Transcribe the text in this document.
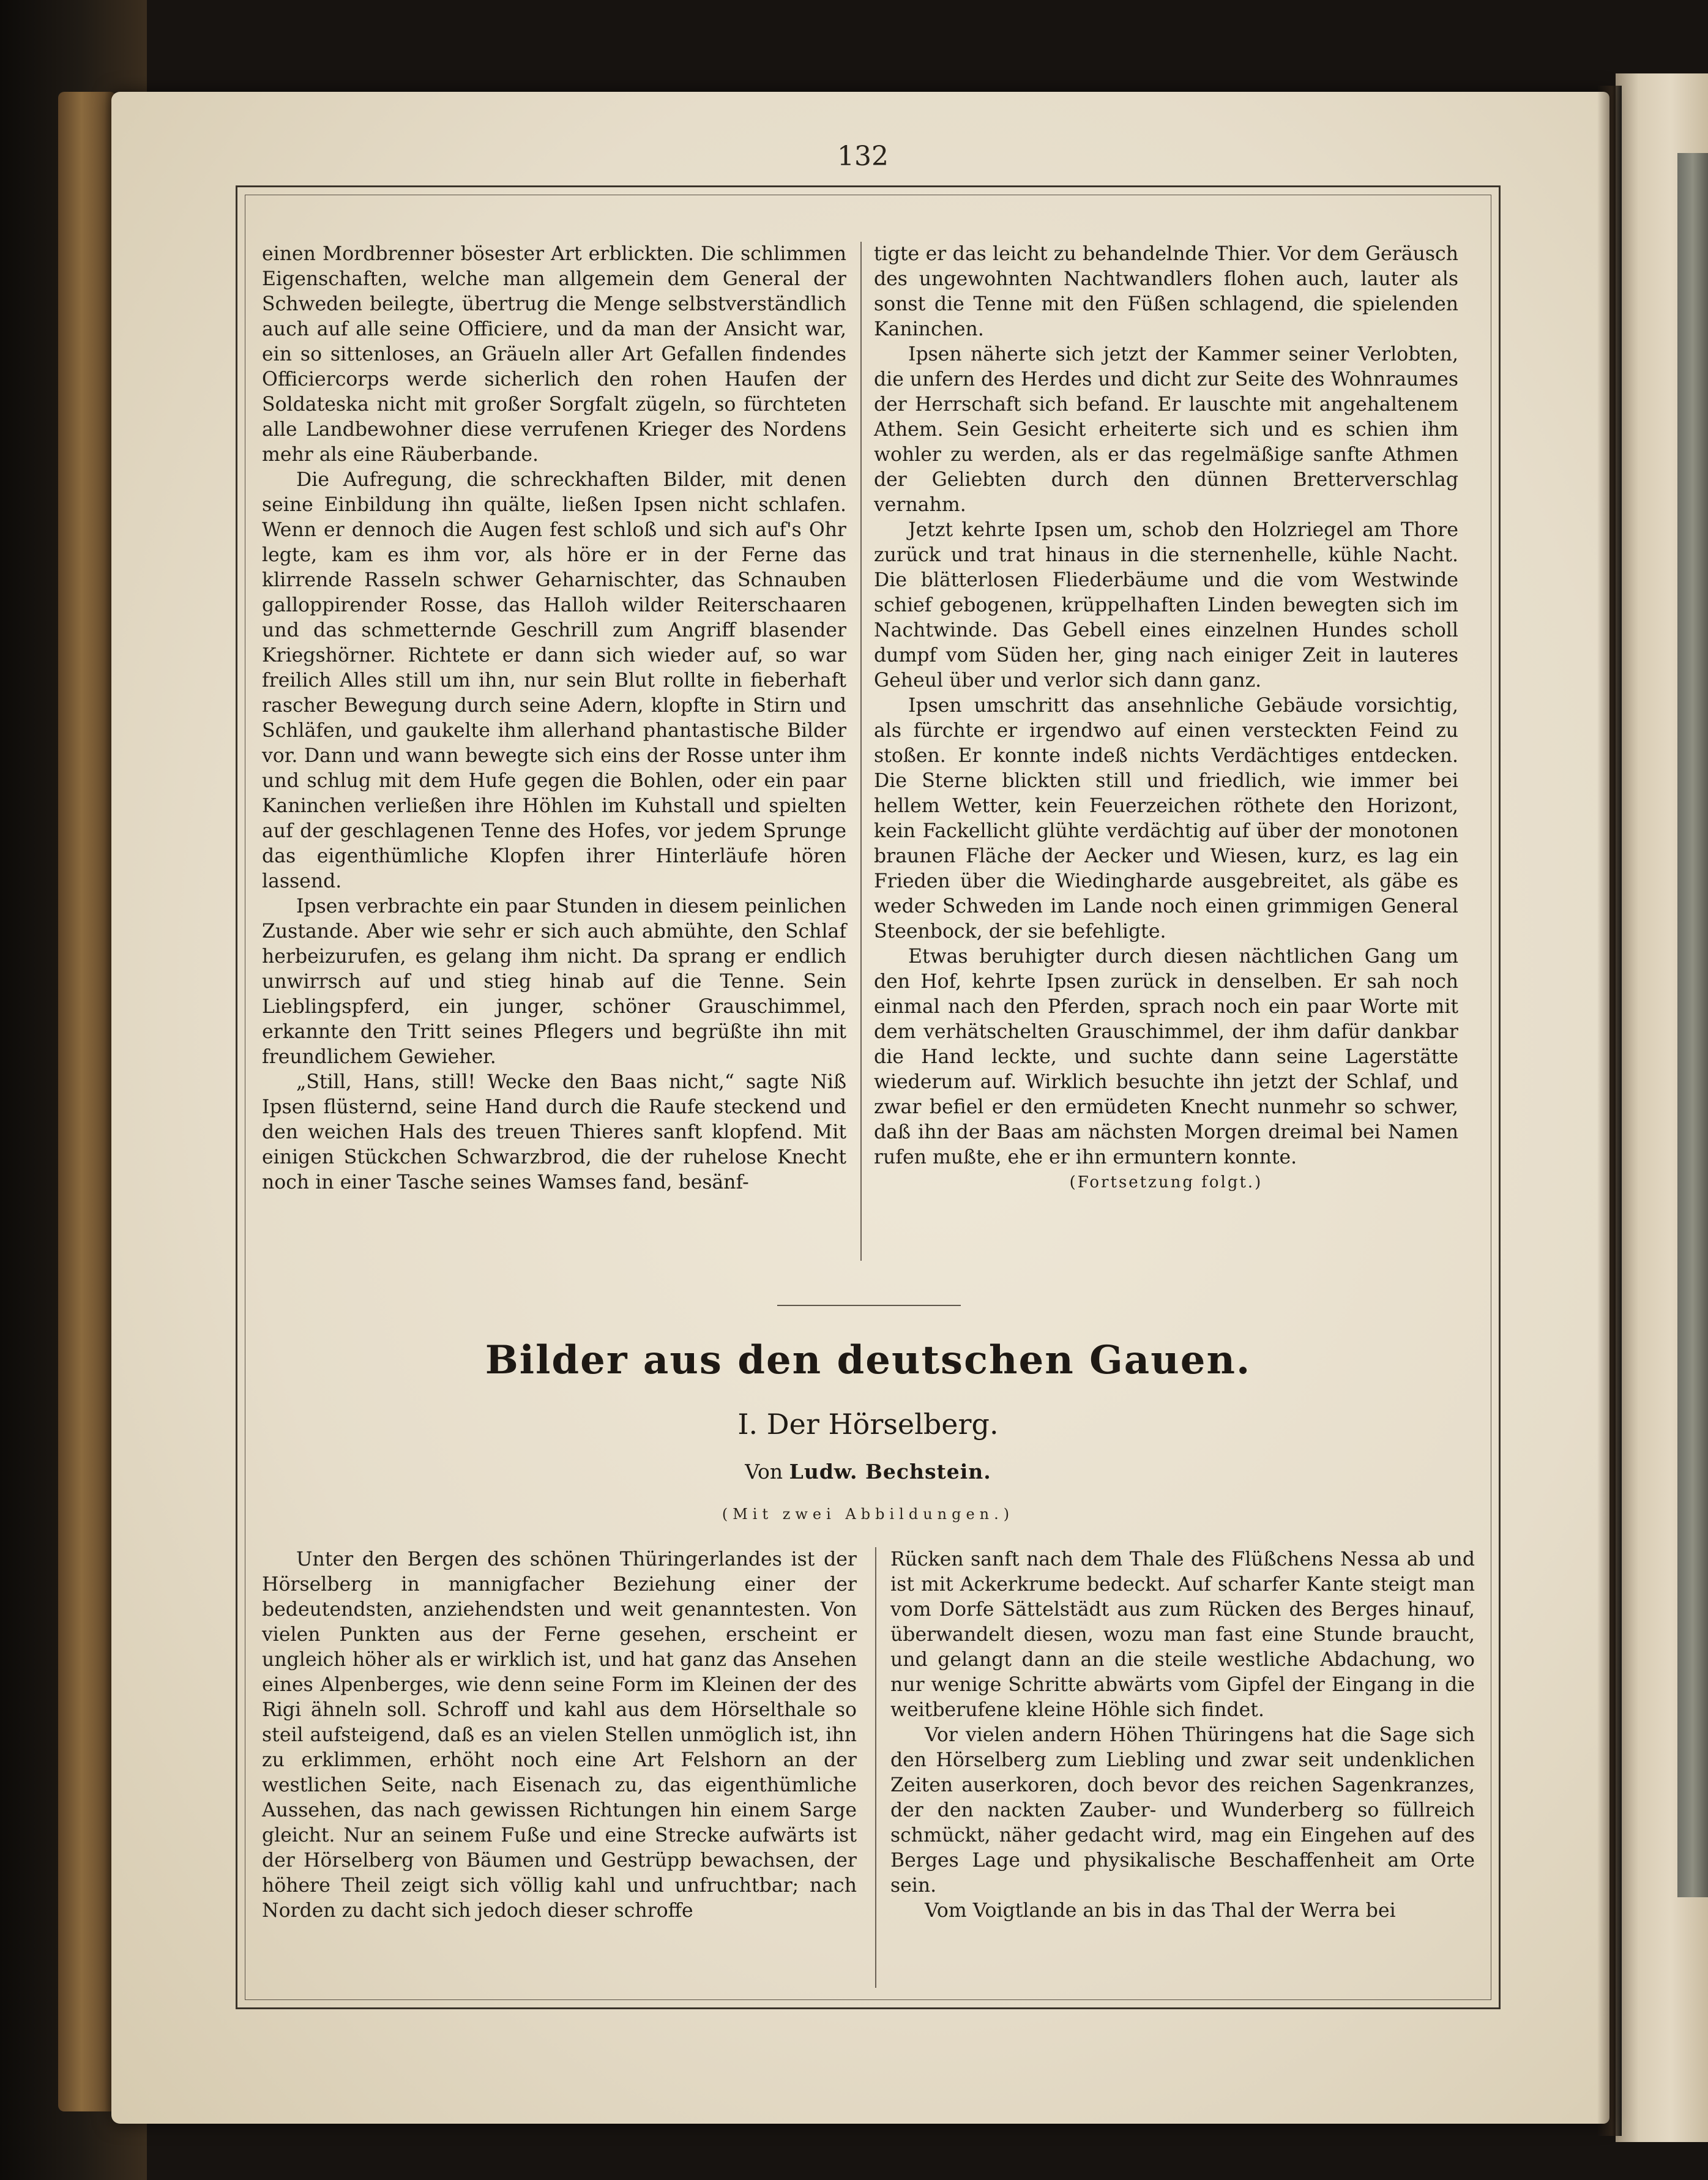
132

einen Mordbrenner bösester Art erblickten. Die schlimmen Eigenschaften, welche man allgemein dem General der Schweden beilegte, übertrug die Menge selbstverständlich auch auf alle seine Officiere, und da man der Ansicht war, ein so sittenloses, an Gräueln aller Art Gefallen findendes Officiercorps werde sicherlich den rohen Haufen der Soldateska nicht mit großer Sorgfalt zügeln, so fürchteten alle Landbewohner diese verrufenen Krieger des Nordens mehr als eine Räuberbande.

Die Aufregung, die schreckhaften Bilder, mit denen seine Einbildung ihn quälte, ließen Ipsen nicht schlafen. Wenn er dennoch die Augen fest schloß und sich auf's Ohr legte, kam es ihm vor, als höre er in der Ferne das klirrende Rasseln schwer Geharnischter, das Schnauben galloppirender Rosse, das Halloh wilder Reiterschaaren und das schmetternde Geschrill zum Angriff blasender Kriegshörner. Richtete er dann sich wieder auf, so war freilich Alles still um ihn, nur sein Blut rollte in fieberhaft rascher Bewegung durch seine Adern, klopfte in Stirn und Schläfen, und gaukelte ihm allerhand phantastische Bilder vor. Dann und wann bewegte sich eins der Rosse unter ihm und schlug mit dem Hufe gegen die Bohlen, oder ein paar Kaninchen verließen ihre Höhlen im Kuhstall und spielten auf der geschlagenen Tenne des Hofes, vor jedem Sprunge das eigenthümliche Klopfen ihrer Hinterläufe hören lassend.

Ipsen verbrachte ein paar Stunden in diesem peinlichen Zustande. Aber wie sehr er sich auch abmühte, den Schlaf herbeizurufen, es gelang ihm nicht. Da sprang er endlich unwirrsch auf und stieg hinab auf die Tenne. Sein Lieblingspferd, ein junger, schöner Grauschimmel, erkannte den Tritt seines Pflegers und begrüßte ihn mit freundlichem Gewieher.

„Still, Hans, still! Wecke den Baas nicht,“ sagte Niß Ipsen flüsternd, seine Hand durch die Raufe steckend und den weichen Hals des treuen Thieres sanft klopfend. Mit einigen Stückchen Schwarzbrod, die der ruhelose Knecht noch in einer Tasche seines Wamses fand, besänf-

tigte er das leicht zu behandelnde Thier. Vor dem Geräusch des ungewohnten Nachtwandlers flohen auch, lauter als sonst die Tenne mit den Füßen schlagend, die spielenden Kaninchen.

Ipsen näherte sich jetzt der Kammer seiner Verlobten, die unfern des Herdes und dicht zur Seite des Wohnraumes der Herrschaft sich befand. Er lauschte mit angehaltenem Athem. Sein Gesicht erheiterte sich und es schien ihm wohler zu werden, als er das regelmäßige sanfte Athmen der Geliebten durch den dünnen Bretterverschlag vernahm.

Jetzt kehrte Ipsen um, schob den Holzriegel am Thore zurück und trat hinaus in die sternenhelle, kühle Nacht. Die blätterlosen Fliederbäume und die vom Westwinde schief gebogenen, krüppelhaften Linden bewegten sich im Nachtwinde. Das Gebell eines einzelnen Hundes scholl dumpf vom Süden her, ging nach einiger Zeit in lauteres Geheul über und verlor sich dann ganz.

Ipsen umschritt das ansehnliche Gebäude vorsichtig, als fürchte er irgendwo auf einen versteckten Feind zu stoßen. Er konnte indeß nichts Verdächtiges entdecken. Die Sterne blickten still und friedlich, wie immer bei hellem Wetter, kein Feuerzeichen röthete den Horizont, kein Fackellicht glühte verdächtig auf über der monotonen braunen Fläche der Aecker und Wiesen, kurz, es lag ein Frieden über die Wiedingharde ausgebreitet, als gäbe es weder Schweden im Lande noch einen grimmigen General Steenbock, der sie befehligte.

Etwas beruhigter durch diesen nächtlichen Gang um den Hof, kehrte Ipsen zurück in denselben. Er sah noch einmal nach den Pferden, sprach noch ein paar Worte mit dem verhätschelten Grauschimmel, der ihm dafür dankbar die Hand leckte, und suchte dann seine Lagerstätte wiederum auf. Wirklich besuchte ihn jetzt der Schlaf, und zwar befiel er den ermüdeten Knecht nunmehr so schwer, daß ihn der Baas am nächsten Morgen dreimal bei Namen rufen mußte, ehe er ihn ermuntern konnte.

(Fortsetzung folgt.)

Bilder aus den deutschen Gauen.
I. Der Hörselberg.
Von Ludw. Bechstein.
(Mit zwei Abbildungen.)

Unter den Bergen des schönen Thüringerlandes ist der Hörselberg in mannigfacher Beziehung einer der bedeutendsten, anziehendsten und weit genanntesten. Von vielen Punkten aus der Ferne gesehen, erscheint er ungleich höher als er wirklich ist, und hat ganz das Ansehen eines Alpenberges, wie denn seine Form im Kleinen der des Rigi ähneln soll. Schroff und kahl aus dem Hörselthale so steil aufsteigend, daß es an vielen Stellen unmöglich ist, ihn zu erklimmen, erhöht noch eine Art Felshorn an der westlichen Seite, nach Eisenach zu, das eigenthümliche Aussehen, das nach gewissen Richtungen hin einem Sarge gleicht. Nur an seinem Fuße und eine Strecke aufwärts ist der Hörselberg von Bäumen und Gestrüpp bewachsen, der höhere Theil zeigt sich völlig kahl und unfruchtbar; nach Norden zu dacht sich jedoch dieser schroffe

Rücken sanft nach dem Thale des Flüßchens Nessa ab und ist mit Ackerkrume bedeckt. Auf scharfer Kante steigt man vom Dorfe Sättelstädt aus zum Rücken des Berges hinauf, überwandelt diesen, wozu man fast eine Stunde braucht, und gelangt dann an die steile westliche Abdachung, wo nur wenige Schritte abwärts vom Gipfel der Eingang in die weitberufene kleine Höhle sich findet.

Vor vielen andern Höhen Thüringens hat die Sage sich den Hörselberg zum Liebling und zwar seit undenklichen Zeiten auserkoren, doch bevor des reichen Sagenkranzes, der den nackten Zauber- und Wunderberg so füllreich schmückt, näher gedacht wird, mag ein Eingehen auf des Berges Lage und physikalische Beschaffenheit am Orte sein.

Vom Voigtlande an bis in das Thal der Werra bei
